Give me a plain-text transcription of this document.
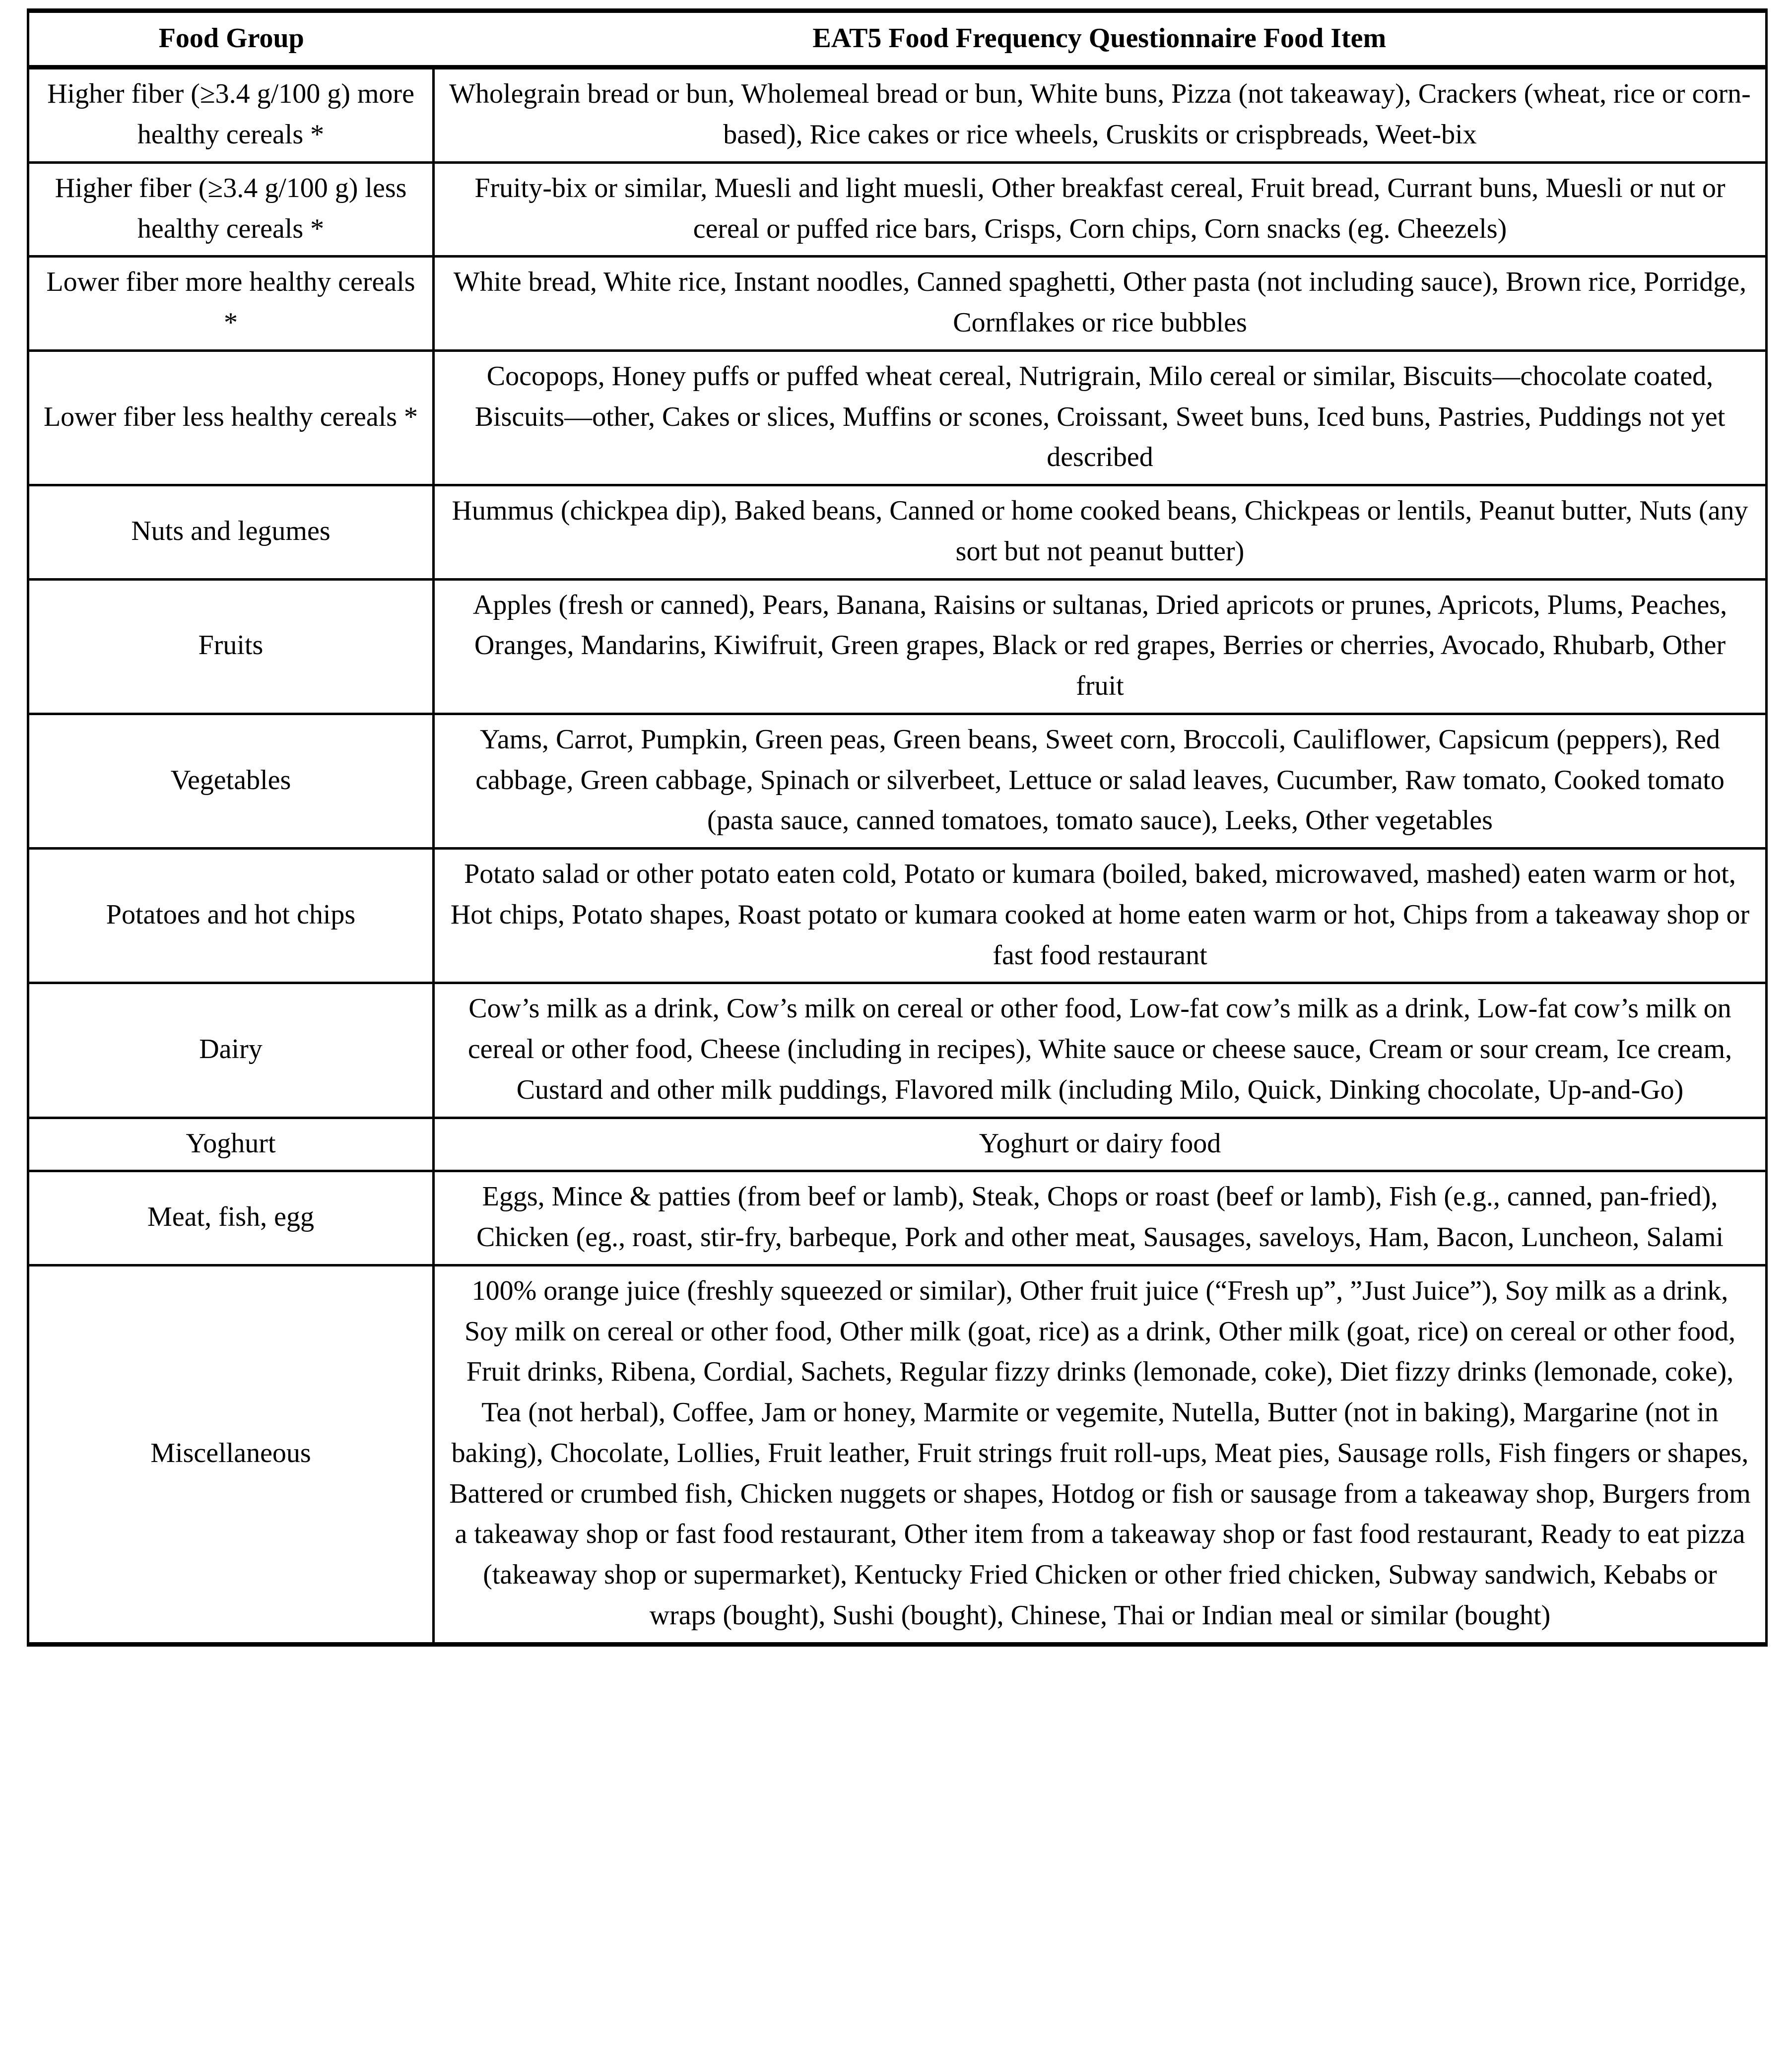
Food Group	EAT5 Food Frequency Questionnaire Food Item
Higher fiber (≥3.4 g/100 g) more healthy cereals *	Wholegrain bread or bun, Wholemeal bread or bun, White buns, Pizza (not takeaway), Crackers (wheat, rice or corn-based), Rice cakes or rice wheels, Cruskits or crispbreads, Weet-bix
Higher fiber (≥3.4 g/100 g) less healthy cereals *	Fruity-bix or similar, Muesli and light muesli, Other breakfast cereal, Fruit bread, Currant buns, Muesli or nut or cereal or puffed rice bars, Crisps, Corn chips, Corn snacks (eg. Cheezels)
Lower fiber more healthy cereals *	White bread, White rice, Instant noodles, Canned spaghetti, Other pasta (not including sauce), Brown rice, Porridge, Cornflakes or rice bubbles
Lower fiber less healthy cereals *	Cocopops, Honey puffs or puffed wheat cereal, Nutrigrain, Milo cereal or similar, Biscuits—chocolate coated, Biscuits—other, Cakes or slices, Muffins or scones, Croissant, Sweet buns, Iced buns, Pastries, Puddings not yet described
Nuts and legumes	Hummus (chickpea dip), Baked beans, Canned or home cooked beans, Chickpeas or lentils, Peanut butter, Nuts (any sort but not peanut butter)
Fruits	Apples (fresh or canned), Pears, Banana, Raisins or sultanas, Dried apricots or prunes, Apricots, Plums, Peaches, Oranges, Mandarins, Kiwifruit, Green grapes, Black or red grapes, Berries or cherries, Avocado, Rhubarb, Other fruit
Vegetables	Yams, Carrot, Pumpkin, Green peas, Green beans, Sweet corn, Broccoli, Cauliflower, Capsicum (peppers), Red cabbage, Green cabbage, Spinach or silverbeet, Lettuce or salad leaves, Cucumber, Raw tomato, Cooked tomato (pasta sauce, canned tomatoes, tomato sauce), Leeks, Other vegetables
Potatoes and hot chips	Potato salad or other potato eaten cold, Potato or kumara (boiled, baked, microwaved, mashed) eaten warm or hot, Hot chips, Potato shapes, Roast potato or kumara cooked at home eaten warm or hot, Chips from a takeaway shop or fast food restaurant
Dairy	Cow’s milk as a drink, Cow’s milk on cereal or other food, Low-fat cow’s milk as a drink, Low-fat cow’s milk on cereal or other food, Cheese (including in recipes), White sauce or cheese sauce, Cream or sour cream, Ice cream, Custard and other milk puddings, Flavored milk (including Milo, Quick, Dinking chocolate, Up-and-Go)
Yoghurt	Yoghurt or dairy food
Meat, fish, egg	Eggs, Mince & patties (from beef or lamb), Steak, Chops or roast (beef or lamb), Fish (e.g., canned, pan-fried), Chicken (eg., roast, stir-fry, barbeque, Pork and other meat, Sausages, saveloys, Ham, Bacon, Luncheon, Salami
Miscellaneous	100% orange juice (freshly squeezed or similar), Other fruit juice (“Fresh up”, ”Just Juice”), Soy milk as a drink, Soy milk on cereal or other food, Other milk (goat, rice) as a drink, Other milk (goat, rice) on cereal or other food, Fruit drinks, Ribena, Cordial, Sachets, Regular fizzy drinks (lemonade, coke), Diet fizzy drinks (lemonade, coke), Tea (not herbal), Coffee, Jam or honey, Marmite or vegemite, Nutella, Butter (not in baking), Margarine (not in baking), Chocolate, Lollies, Fruit leather, Fruit strings fruit roll-ups, Meat pies, Sausage rolls, Fish fingers or shapes, Battered or crumbed fish, Chicken nuggets or shapes, Hotdog or fish or sausage from a takeaway shop, Burgers from a takeaway shop or fast food restaurant, Other item from a takeaway shop or fast food restaurant, Ready to eat pizza (takeaway shop or supermarket), Kentucky Fried Chicken or other fried chicken, Subway sandwich, Kebabs or wraps (bought), Sushi (bought), Chinese, Thai or Indian meal or similar (bought)
